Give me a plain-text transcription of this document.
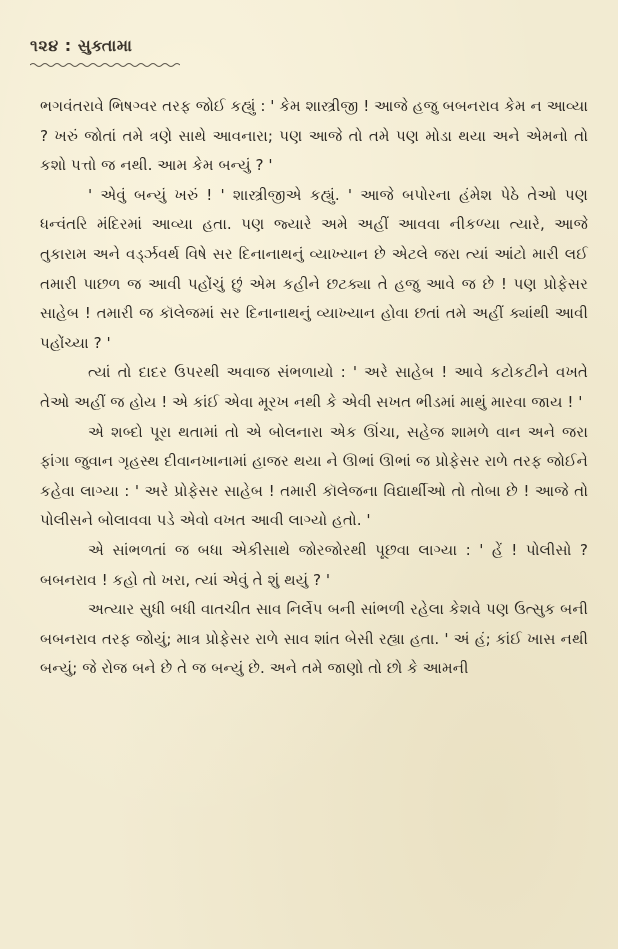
૧૨૪ : સુક્તામા

ભગવંતરાવે ભિષગ્વર તરફ જોઈ કહ્યું : ' કેમ શાસ્ત્રીજી ! આજે હજુ બબનરાવ કેમ ન આવ્યા ? ખરું જોતાં તમે ત્રણે સાથે આવનારા; પણ આજે તો તમે પણ મોડા થયા અને એમનો તો કશો પત્તો જ નથી. આમ કેમ બન્યું ? '

' એવું બન્યું ખરું ! ' શાસ્ત્રીજીએ કહ્યું. ' આજે બપોરના હંમેશ પેઠે તેઓ પણ ધન્વંતરિ મંદિરમાં આવ્યા હતા. પણ જ્યારે અમે અહીં આવવા નીકળ્યા ત્યારે, આજે તુકારામ અને વર્ડ્ઝવર્થ વિષે સર દિનાનાથનું વ્યાખ્યાન છે એટલે જરા ત્યાં આંટો મારી લઈ તમારી પાછળ જ આવી પહોંચું છું એમ કહીને છટક્યા તે હજુ આવે જ છે ! પણ પ્રોફેસર સાહેબ ! તમારી જ કૉલેજમાં સર દિનાનાથનું વ્યાખ્યાન હોવા છતાં તમે અહીં ક્યાંથી આવી પહોંચ્યા ? '

ત્યાં તો દાદર ઉપરથી અવાજ સંભળાયો : ' અરે સાહેબ ! આવે કટોકટીને વખતે તેઓ અહીં જ હોય ! એ કાંઈ એવા મૂરખ નથી કે એવી સખત ભીડમાં માથું મારવા જાય ! '

એ શબ્દો પૂરા થતામાં તો એ બોલનારા એક ઊંચા, સહેજ શામળે વાન અને જરા ફાંગા જુવાન ગૃહસ્થ દીવાનખાનામાં હાજર થયા ને ઊભાં ઊભાં જ પ્રોફેસર રાળે તરફ જોઈને કહેવા લાગ્યા : ' અરે પ્રોફેસર સાહેબ ! તમારી કૉલેજના વિદ્યાર્થીઓ તો તોબા છે ! આજે તો પોલીસને બોલાવવા પડે એવો વખત આવી લાગ્યો હતો. '

એ સાંભળતાં જ બધા એકીસાથે જોરજોરથી પૂછવા લાગ્યા : ' હેં ! પોલીસો ? બબનરાવ ! કહો તો ખરા, ત્યાં એવું તે શું થયું ? '

અત્યાર સુધી બધી વાતચીત સાવ નિર્લેપ બની સાંભળી રહેલા કેશવે પણ ઉત્સુક બની બબનરાવ તરફ જોયું; માત્ર પ્રોફેસર રાળે સાવ શાંત બેસી રહ્યા હતા. ' અં હં; કાંઈ ખાસ નથી બન્યું; જે રોજ બને છે તે જ બન્યું છે. અને તમે જાણો તો છો કે આમની
